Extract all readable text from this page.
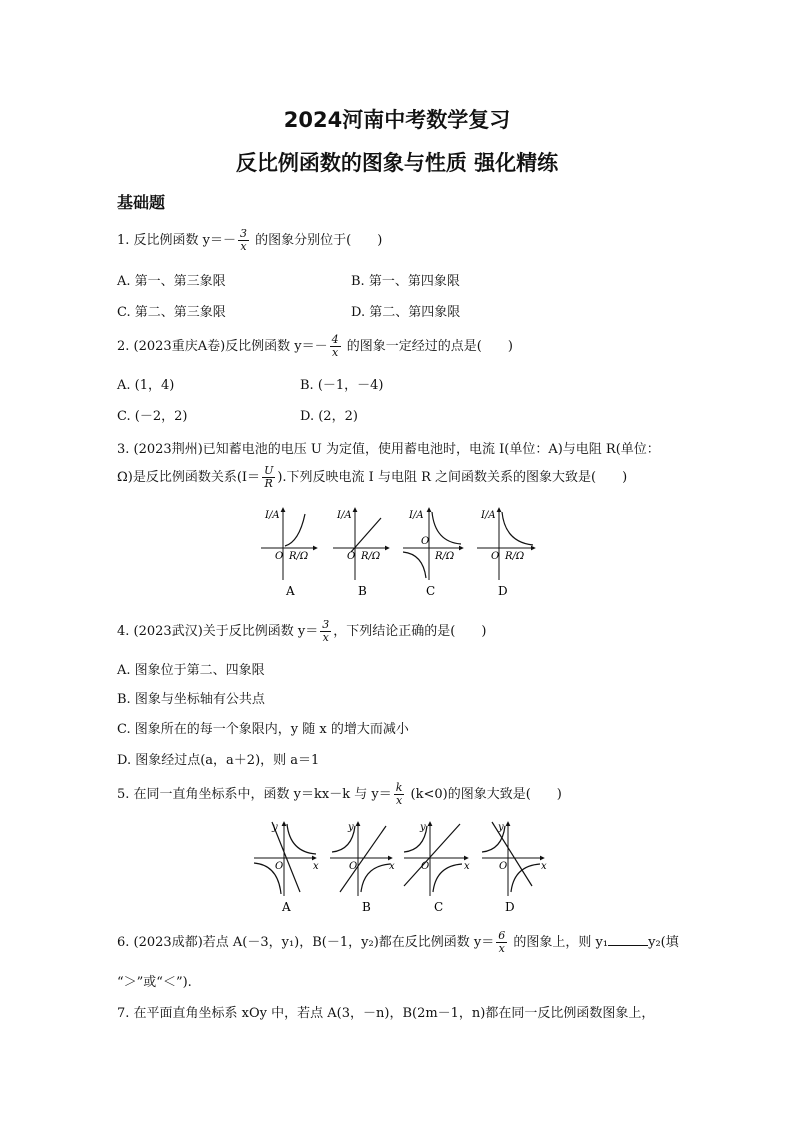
2024河南中考数学复习
反比例函数的图象与性质 强化精练
基础题
1. 反比例函数 $y=- \frac{3}{x}$ 的图象分别位于(　　)
A. 第一、第三象限	B. 第一、第四象限
C. 第二、第三象限	D. 第二、第四象限
2. (2023重庆A卷)反比例函数 $y=- \frac{4}{x}$ 的图象一定经过的点是(　　)
A. (1，4)	B. (－1，－4)
C. (－2，2)	D. (2，2)
3. (2023荆州)已知蓄电池的电压 U 为定值，使用蓄电池时，电流 I(单位：A)与电阻 R(单位：
Ω)是反比例函数关系($I= \frac{U}{R}$ ).下列反映电流 I 与电阻 R 之间函数关系的图象大致是(　　)
I/A
O R/Ω
A
I/A
O R/Ω
B
I/A
O
R/Ω
C
I/A
O R/Ω
D
4. (2023武汉)关于反比例函数 $y= \frac{3}{x}$ ，下列结论正确的是(　　)
A. 图象位于第二、四象限
B. 图象与坐标轴有公共点
C. 图象所在的每一个象限内，y 随 x 的增大而减小
D. 图象经过点(a，a＋2)，则 a＝1
5. 在同一直角坐标系中，函数 y＝kx－k 与 $y= \frac{k}{x} (k<0)$的图象大致是(　　)
y
O	x
A
y
O	x
B
y
O	x
C
y
O	x
D
6. (2023成都)若点 A(－3，y₁)，B(－1，y₂)都在反比例函数 $y= \frac{6}{x}$ 的图象上，则 y₁	y₂(填
“＞”或“＜”).
7. 在平面直角坐标系 xOy 中，若点 A(3，－n)，B(2m－1，n)都在同一反比例函数图象上，
